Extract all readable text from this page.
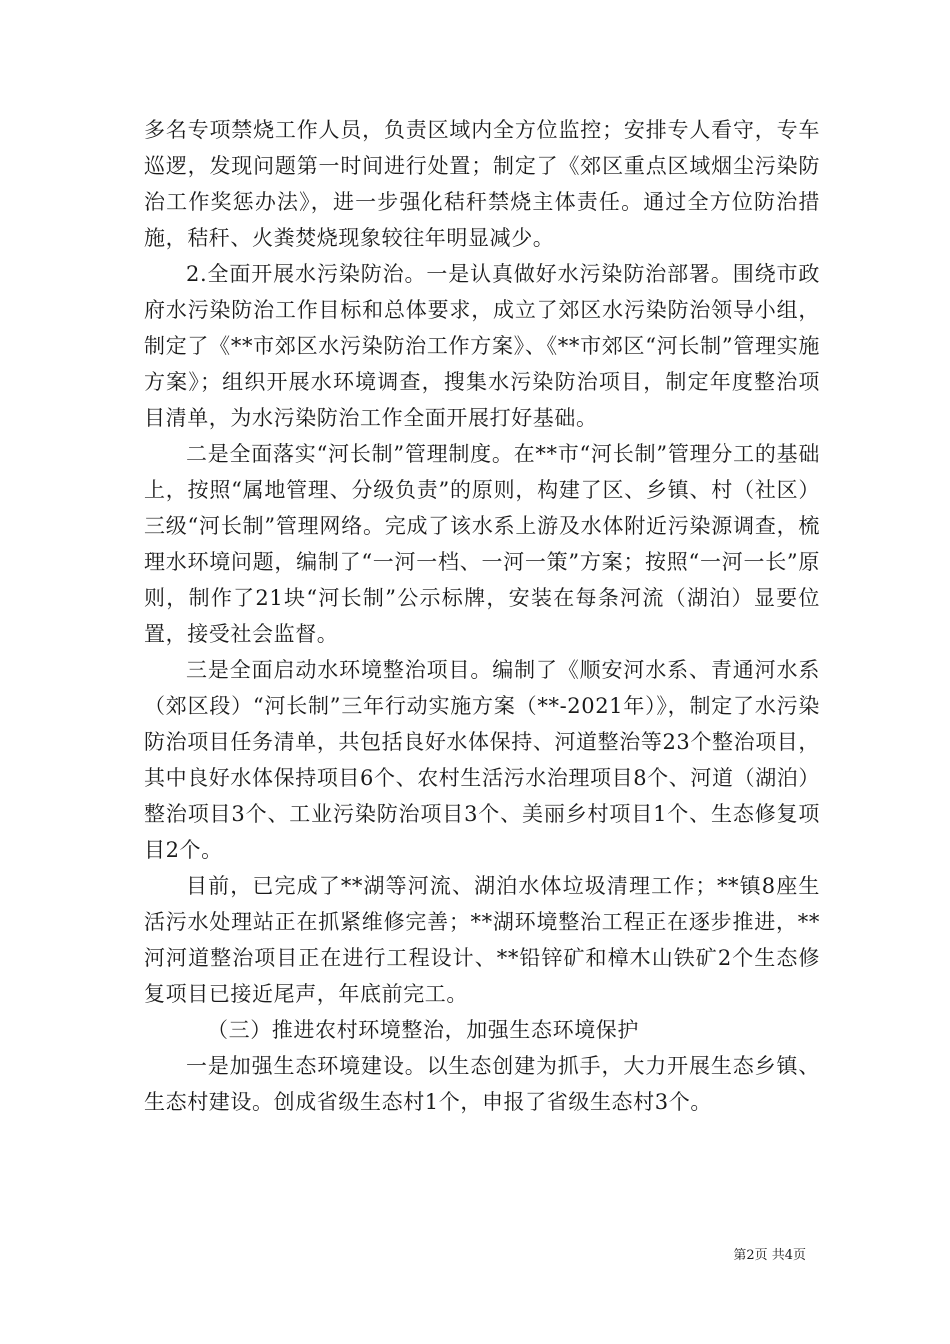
多名专项禁烧工作人员，负责区域内全方位监控；安排专人看守，专车巡逻，发现问题第一时间进行处置；制定了《郊区重点区域烟尘污染防治工作奖惩办法》，进一步强化秸秆禁烧主体责任。通过全方位防治措施，秸秆、火粪焚烧现象较往年明显减少。

2.全面开展水污染防治。一是认真做好水污染防治部署。围绕市政府水污染防治工作目标和总体要求，成立了郊区水污染防治领导小组，制定了《**市郊区水污染防治工作方案》、《**市郊区“河长制”管理实施方案》；组织开展水环境调查，搜集水污染防治项目，制定年度整治项目清单，为水污染防治工作全面开展打好基础。

二是全面落实“河长制”管理制度。在**市“河长制”管理分工的基础上，按照“属地管理、分级负责”的原则，构建了区、乡镇、村（社区）三级“河长制”管理网络。完成了该水系上游及水体附近污染源调查，梳理水环境问题，编制了“一河一档、一河一策”方案；按照“一河一长”原则，制作了21块“河长制”公示标牌，安装在每条河流（湖泊）显要位置，接受社会监督。

三是全面启动水环境整治项目。编制了《顺安河水系、青通河水系（郊区段）“河长制”三年行动实施方案（**-2021年）》，制定了水污染防治项目任务清单，共包括良好水体保持、河道整治等23个整治项目，其中良好水体保持项目6个、农村生活污水治理项目8个、河道（湖泊）整治项目3个、工业污染防治项目3个、美丽乡村项目1个、生态修复项目2个。

目前，已完成了**湖等河流、湖泊水体垃圾清理工作；**镇8座生活污水处理站正在抓紧维修完善；**湖环境整治工程正在逐步推进，**河河道整治项目正在进行工程设计、**铅锌矿和樟木山铁矿2个生态修复项目已接近尾声，年底前完工。

（三）推进农村环境整治，加强生态环境保护

一是加强生态环境建设。以生态创建为抓手，大力开展生态乡镇、生态村建设。创成省级生态村1个，申报了省级生态村3个。

第2页 共4页
